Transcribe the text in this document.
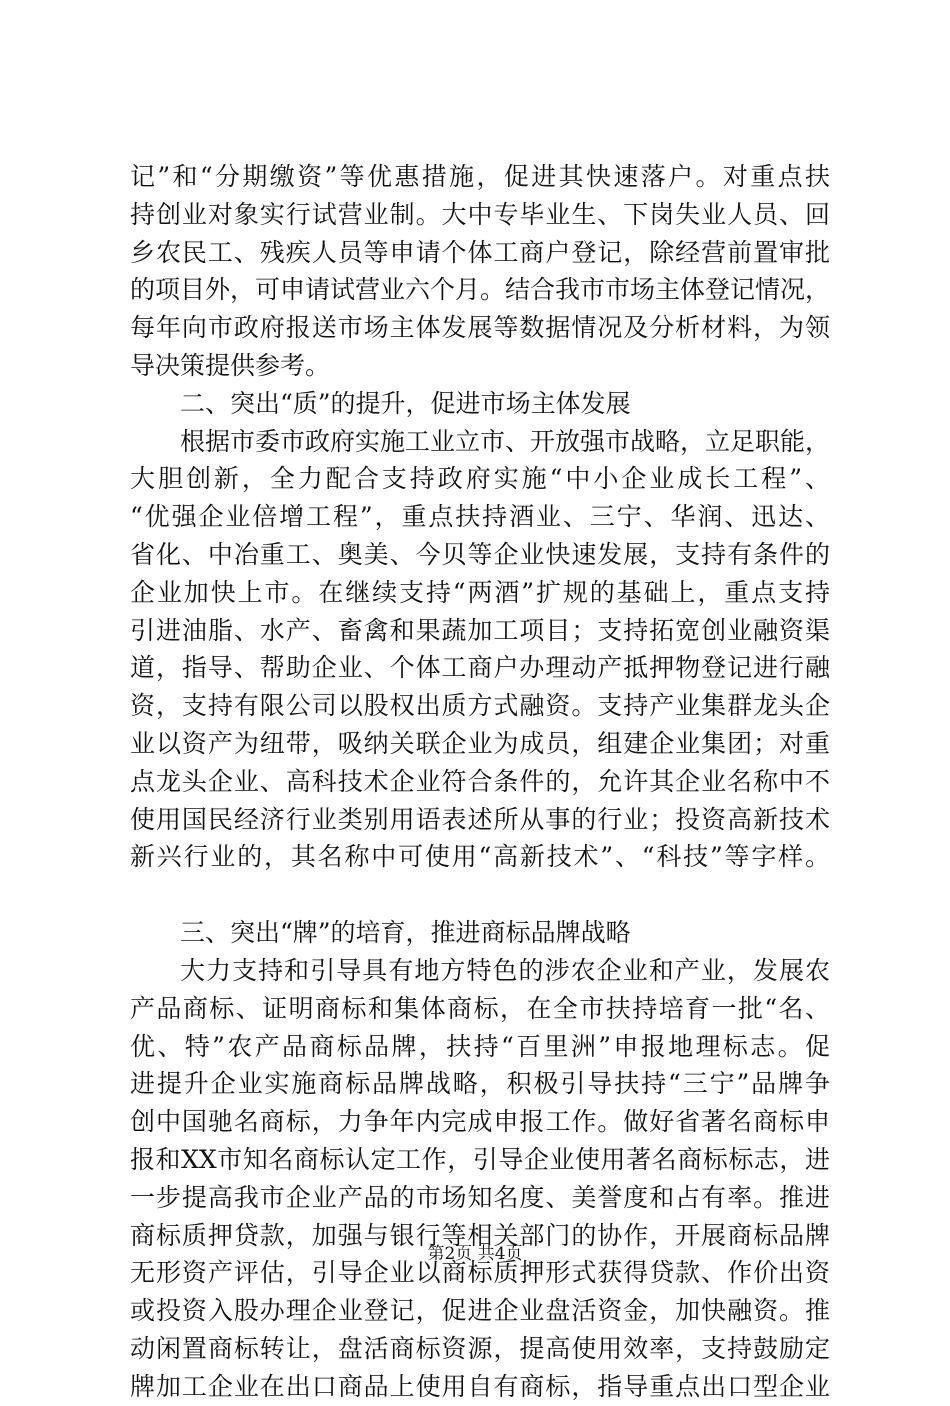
记”和“分期缴资”等优惠措施，促进其快速落户。对重点扶
持创业对象实行试营业制。大中专毕业生、下岗失业人员、回
乡农民工、残疾人员等申请个体工商户登记，除经营前置审批
的项目外，可申请试营业六个月。结合我市市场主体登记情况，
每年向市政府报送市场主体发展等数据情况及分析材料，为领
导决策提供参考。
二、突出“质”的提升，促进市场主体发展
根据市委市政府实施工业立市、开放强市战略，立足职能，
大胆创新，全力配合支持政府实施“中小企业成长工程”、
“优强企业倍增工程”，重点扶持酒业、三宁、华润、迅达、
省化、中冶重工、奥美、今贝等企业快速发展，支持有条件的
企业加快上市。在继续支持“两酒”扩规的基础上，重点支持
引进油脂、水产、畜禽和果蔬加工项目；支持拓宽创业融资渠
道，指导、帮助企业、个体工商户办理动产抵押物登记进行融
资，支持有限公司以股权出质方式融资。支持产业集群龙头企
业以资产为纽带，吸纳关联企业为成员，组建企业集团；对重
点龙头企业、高科技术企业符合条件的，允许其企业名称中不
使用国民经济行业类别用语表述所从事的行业；投资高新技术
新兴行业的，其名称中可使用“高新技术”、“科技”等字样。
三、突出“牌”的培育，推进商标品牌战略
大力支持和引导具有地方特色的涉农企业和产业，发展农
产品商标、证明商标和集体商标，在全市扶持培育一批“名、
优、特”农产品商标品牌，扶持“百里洲”申报地理标志。促
进提升企业实施商标品牌战略，积极引导扶持“三宁”品牌争
创中国驰名商标，力争年内完成申报工作。做好省著名商标申
报和XX市知名商标认定工作，引导企业使用著名商标标志，进
一步提高我市企业产品的市场知名度、美誉度和占有率。推进
商标质押贷款，加强与银行等相关部门的协作，开展商标品牌
无形资产评估，引导企业以商标质押形式获得贷款、作价出资
或投资入股办理企业登记，促进企业盘活资金，加快融资。推
动闲置商标转让，盘活商标资源，提高使用效率，支持鼓励定
牌加工企业在出口商品上使用自有商标，指导重点出口型企业
第2页 共4页
